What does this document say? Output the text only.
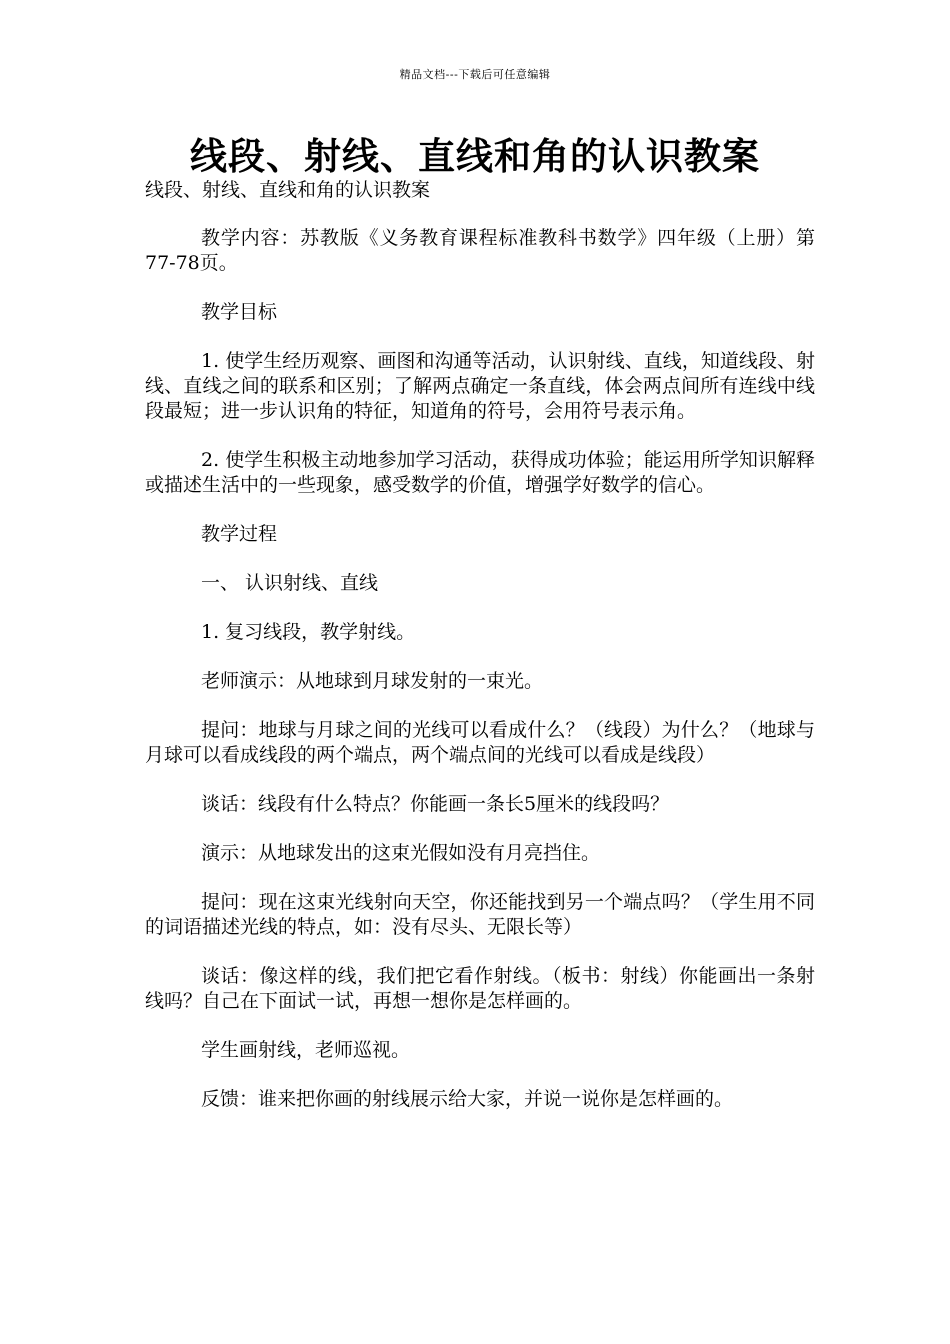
精品文档---下载后可任意编辑
线段、射线、直线和角的认识教案
线段、射线、直线和角的认识教案

教学内容：苏教版《义务教育课程标准教科书数学》四年级（上册）第77-78页。

教学目标

1. 使学生经历观察、画图和沟通等活动，认识射线、直线，知道线段、射线、直线之间的联系和区别；了解两点确定一条直线，体会两点间所有连线中线段最短；进一步认识角的特征，知道角的符号，会用符号表示角。

2. 使学生积极主动地参加学习活动，获得成功体验；能运用所学知识解释或描述生活中的一些现象，感受数学的价值，增强学好数学的信心。

教学过程

一、 认识射线、直线

1. 复习线段，教学射线。

老师演示：从地球到月球发射的一束光。

提问：地球与月球之间的光线可以看成什么？（线段）为什么？（地球与月球可以看成线段的两个端点，两个端点间的光线可以看成是线段）

谈话：线段有什么特点？你能画一条长5厘米的线段吗？

演示：从地球发出的这束光假如没有月亮挡住。

提问：现在这束光线射向天空，你还能找到另一个端点吗？（学生用不同的词语描述光线的特点，如：没有尽头、无限长等）

谈话：像这样的线，我们把它看作射线。（板书：射线）你能画出一条射线吗？自己在下面试一试，再想一想你是怎样画的。

学生画射线，老师巡视。

反馈：谁来把你画的射线展示给大家，并说一说你是怎样画的。
